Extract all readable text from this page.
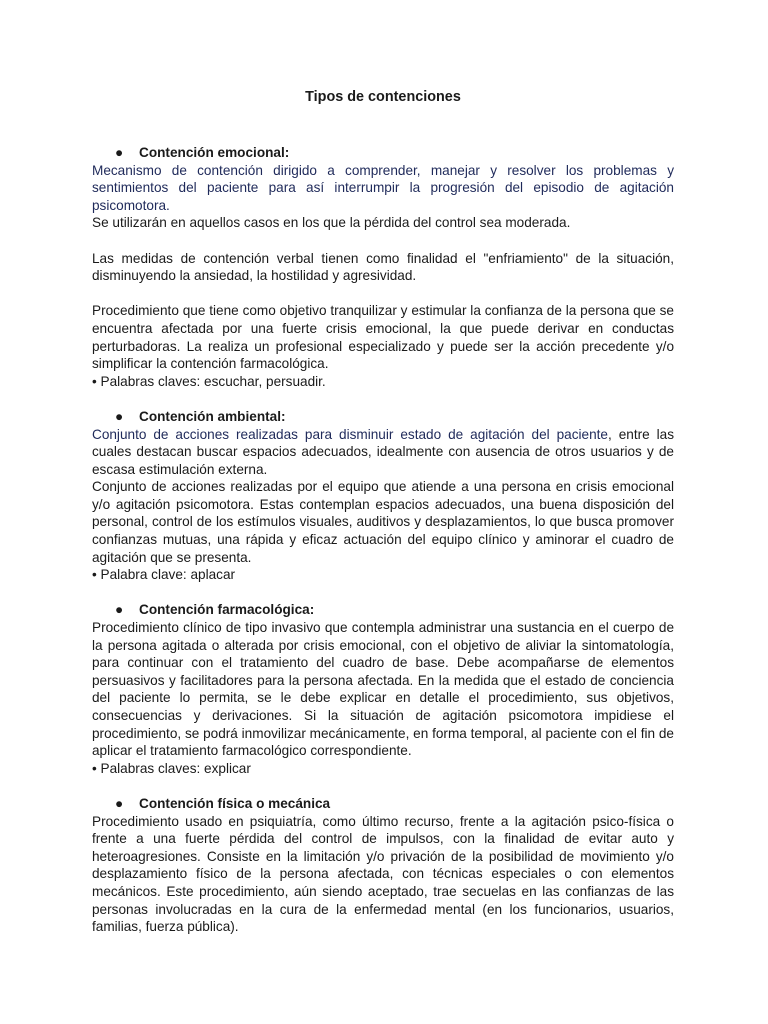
Tipos de contenciones
●	Contención emocional:

Mecanismo de contención dirigido a comprender, manejar y resolver los problemas y sentimientos del paciente para así interrumpir la progresión del episodio de agitación psicomotora.

Se utilizarán en aquellos casos en los que la pérdida del control sea moderada.

Las medidas de contención verbal tienen como finalidad el "enfriamiento" de la situación, disminuyendo la ansiedad, la hostilidad y agresividad.

Procedimiento que tiene como objetivo tranquilizar y estimular la confianza de la persona que se encuentra afectada por una fuerte crisis emocional, la que puede derivar en conductas perturbadoras. La realiza un profesional especializado y puede ser la acción precedente y/o simplificar la contención farmacológica.

• Palabras claves: escuchar, persuadir.

●	Contención ambiental:

Conjunto de acciones realizadas para disminuir estado de agitación del paciente, entre las cuales destacan buscar espacios adecuados, idealmente con ausencia de otros usuarios y de escasa estimulación externa.

Conjunto de acciones realizadas por el equipo que atiende a una persona en crisis emocional y/o agitación psicomotora. Estas contemplan espacios adecuados, una buena disposición del personal, control de los estímulos visuales, auditivos y desplazamientos, lo que busca promover confianzas mutuas, una rápida y eficaz actuación del equipo clínico y aminorar el cuadro de agitación que se presenta.

• Palabra clave: aplacar

●	Contención farmacológica:

Procedimiento clínico de tipo invasivo que contempla administrar una sustancia en el cuerpo de la persona agitada o alterada por crisis emocional, con el objetivo de aliviar la sintomatología, para continuar con el tratamiento del cuadro de base. Debe acompañarse de elementos persuasivos y facilitadores para la persona afectada. En la medida que el estado de conciencia del paciente lo permita, se le debe explicar en detalle el procedimiento, sus objetivos, consecuencias y derivaciones. Si la situación de agitación psicomotora impidiese el procedimiento, se podrá inmovilizar mecánicamente, en forma temporal, al paciente con el fin de aplicar el tratamiento farmacológico correspondiente.

• Palabras claves: explicar

●	Contención física o mecánica

Procedimiento usado en psiquiatría, como último recurso, frente a la agitación psico-física o frente a una fuerte pérdida del control de impulsos, con la finalidad de evitar auto y heteroagresiones. Consiste en la limitación y/o privación de la posibilidad de movimiento y/o desplazamiento físico de la persona afectada, con técnicas especiales o con elementos mecánicos. Este procedimiento, aún siendo aceptado, trae secuelas en las confianzas de las personas involucradas en la cura de la enfermedad mental (en los funcionarios, usuarios, familias, fuerza pública).
